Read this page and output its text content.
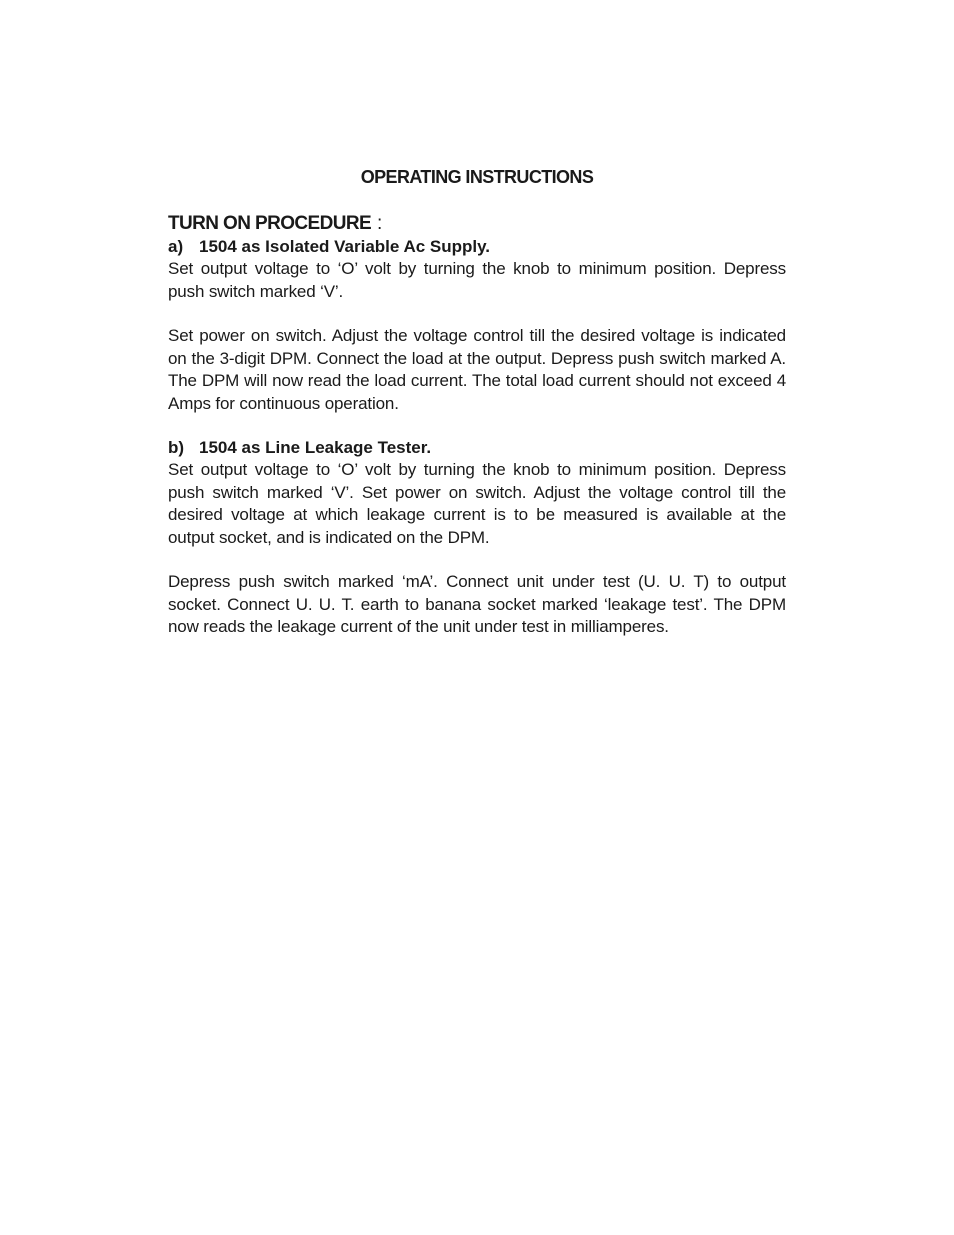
OPERATING INSTRUCTIONS
TURN ON PROCEDURE :
a) 1504 as Isolated Variable Ac Supply.

Set output voltage to ‘O’ volt by turning the knob to minimum position. Depress push switch marked ‘V’.

Set power on switch. Adjust the voltage control till the desired voltage is indicated on the 3-digit DPM. Connect the load at the output. Depress push switch marked A. The DPM will now read the load current. The total load current should not exceed 4 Amps for continuous operation.

b) 1504 as Line Leakage Tester.

Set output voltage to ‘O’ volt by turning the knob to minimum position. Depress push switch marked ‘V’. Set power on switch. Adjust the voltage control till the desired voltage at which leakage current is to be measured is available at the output socket, and is indicated on the DPM.

Depress push switch marked ‘mA’. Connect unit under test (U. U. T) to output socket. Connect U. U. T. earth to banana socket marked ‘leakage test’. The DPM now reads the leakage current of the unit under test in milliamperes.
